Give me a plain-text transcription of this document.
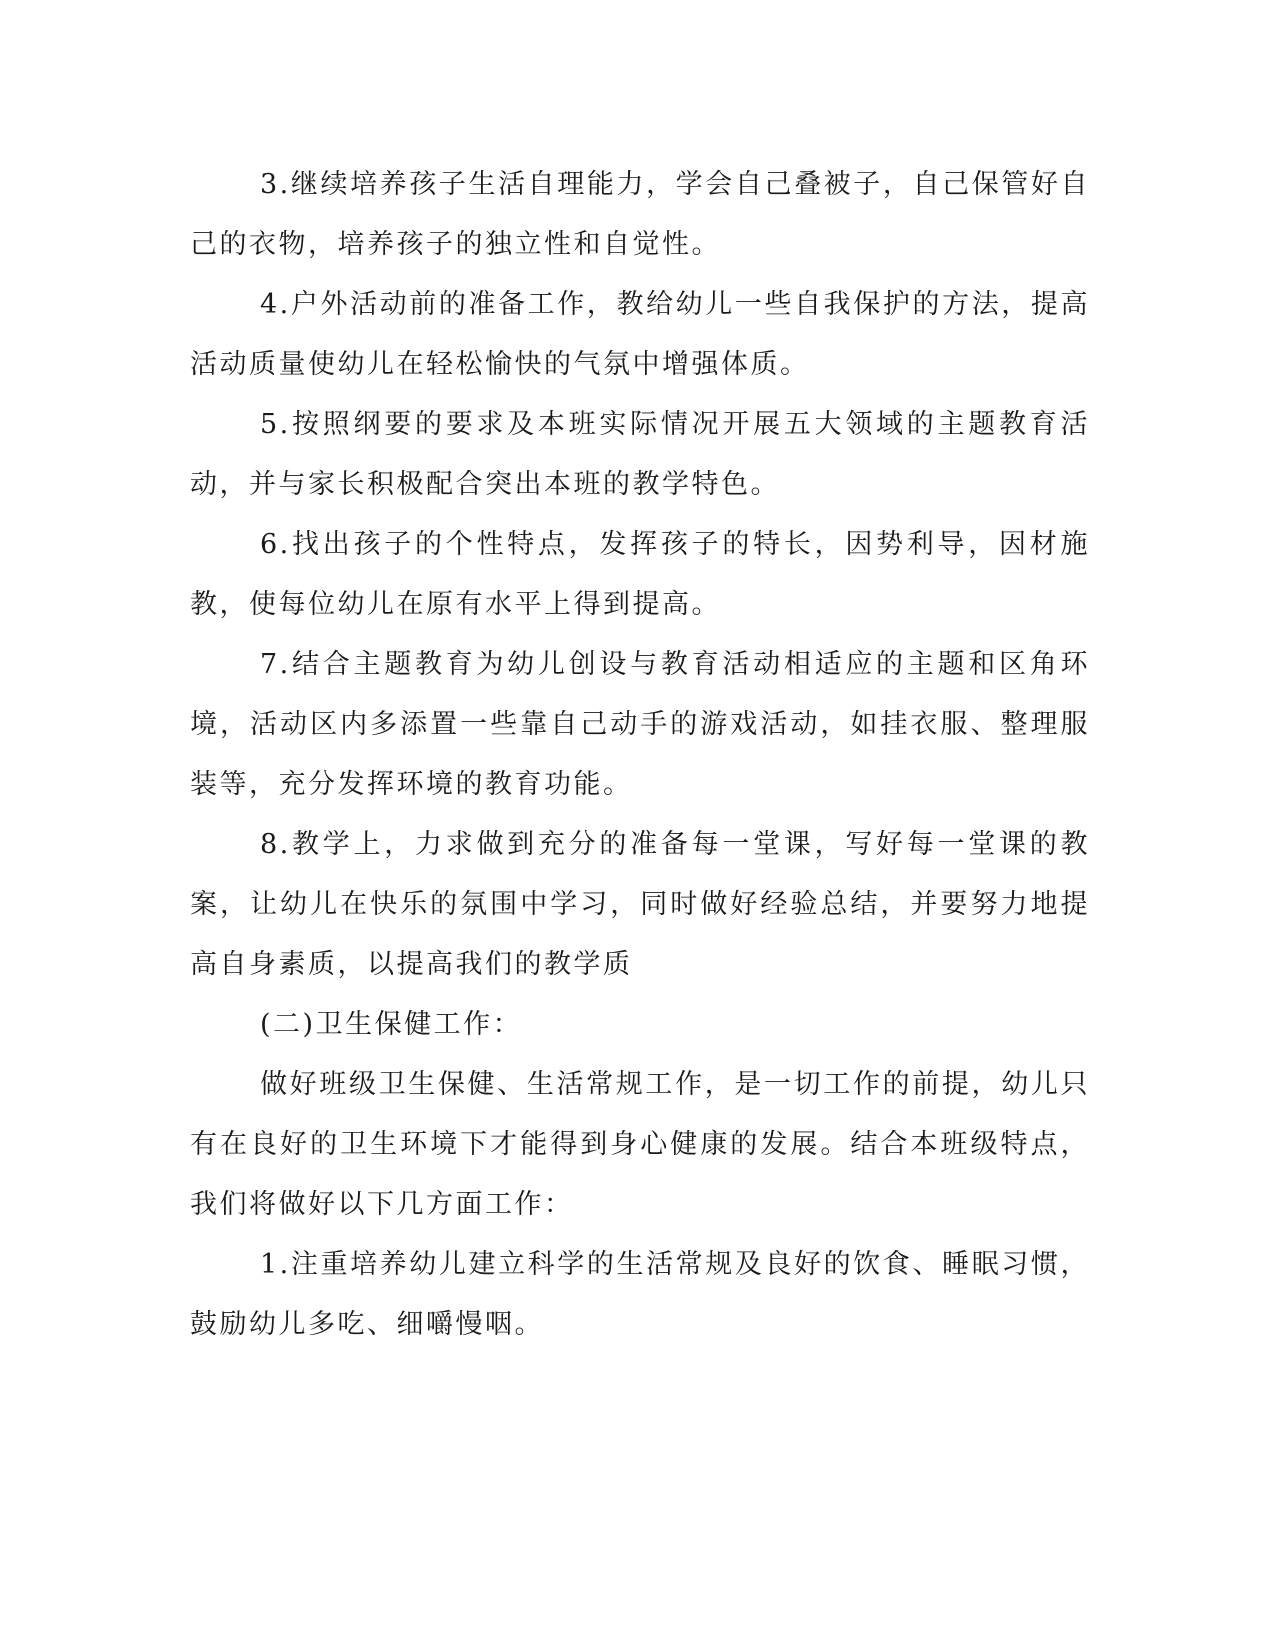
3.继续培养孩子生活自理能力，学会自己叠被子，自己保管好自己的衣物，培养孩子的独立性和自觉性。

4.户外活动前的准备工作，教给幼儿一些自我保护的方法，提高活动质量使幼儿在轻松愉快的气氛中增强体质。

5.按照纲要的要求及本班实际情况开展五大领域的主题教育活动，并与家长积极配合突出本班的教学特色。

6.找出孩子的个性特点，发挥孩子的特长，因势利导，因材施教，使每位幼儿在原有水平上得到提高。

7.结合主题教育为幼儿创设与教育活动相适应的主题和区角环境，活动区内多添置一些靠自己动手的游戏活动，如挂衣服、整理服装等，充分发挥环境的教育功能。

8.教学上，力求做到充分的准备每一堂课，写好每一堂课的教案，让幼儿在快乐的氛围中学习，同时做好经验总结，并要努力地提高自身素质，以提高我们的教学质

(二)卫生保健工作：

做好班级卫生保健、生活常规工作，是一切工作的前提，幼儿只有在良好的卫生环境下才能得到身心健康的发展。结合本班级特点，我们将做好以下几方面工作：

1.注重培养幼儿建立科学的生活常规及良好的饮食、睡眠习惯，鼓励幼儿多吃、细嚼慢咽。
